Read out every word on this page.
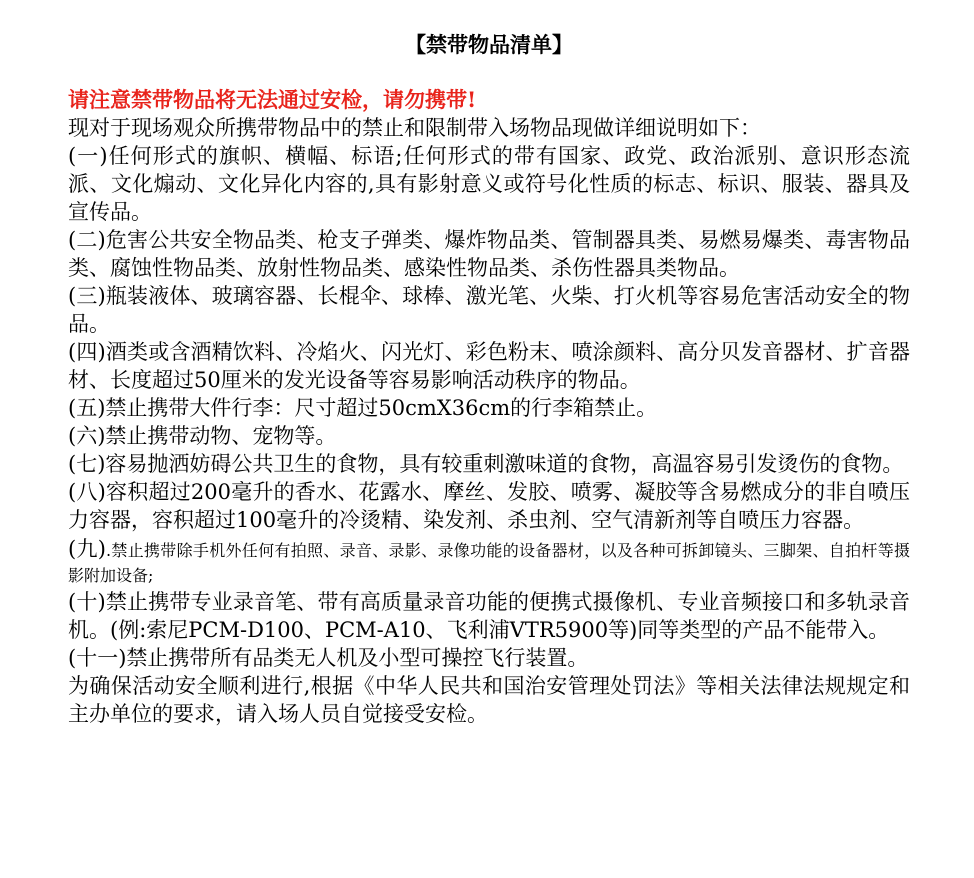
【禁带物品清单】

请注意禁带物品将无法通过安检，请勿携带!

现对于现场观众所携带物品中的禁止和限制带入场物品现做详细说明如下：

(一)任何形式的旗帜、横幅、标语;任何形式的带有国家、政党、政治派别、意识形态流派、文化煽动、文化异化内容的,具有影射意义或符号化性质的标志、标识、服装、器具及宣传品。

(二)危害公共安全物品类、枪支子弹类、爆炸物品类、管制器具类、易燃易爆类、毒害物品类、腐蚀性物品类、放射性物品类、感染性物品类、杀伤性器具类物品。

(三)瓶装液体、玻璃容器、长棍伞、球棒、激光笔、火柴、打火机等容易危害活动安全的物品。

(四)酒类或含酒精饮料、冷焰火、闪光灯、彩色粉末、喷涂颜料、高分贝发音器材、扩音器材、长度超过50厘米的发光设备等容易影响活动秩序的物品。

(五)禁止携带大件行李：尺寸超过50cmX36cm的行李箱禁止。

(六)禁止携带动物、宠物等。

(七)容易抛洒妨碍公共卫生的食物，具有较重刺激味道的食物，高温容易引发烫伤的食物。

(八)容积超过200毫升的香水、花露水、摩丝、发胶、喷雾、凝胶等含易燃成分的非自喷压力容器，容积超过100毫升的冷烫精、染发剂、杀虫剂、空气清新剂等自喷压力容器。

(九).禁止携带除手机外任何有拍照、录音、录影、录像功能的设备器材，以及各种可拆卸镜头、三脚架、自拍杆等摄影附加设备;

(十)禁止携带专业录音笔、带有高质量录音功能的便携式摄像机、专业音频接口和多轨录音机。(例:索尼PCM-D100、PCM-A10、飞利浦VTR5900等)同等类型的产品不能带入。

(十一)禁止携带所有品类无人机及小型可操控飞行装置。

为确保活动安全顺利进行,根据《中华人民共和国治安管理处罚法》等相关法律法规规定和主办单位的要求，请入场人员自觉接受安检。
